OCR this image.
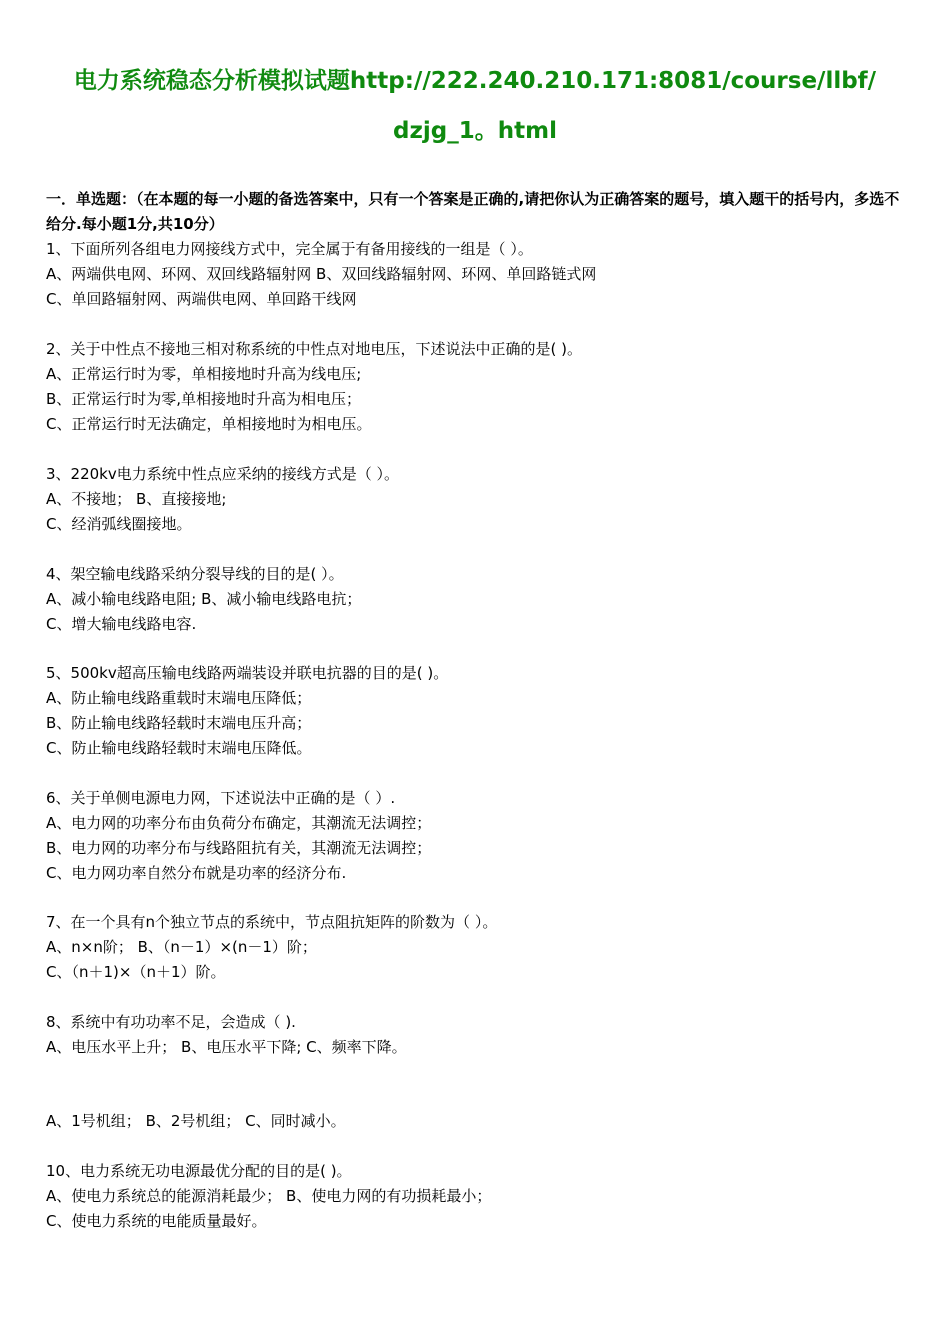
电力系统稳态分析模拟试题http://222.240.210.171:8081/course/llbf/
dzjg_1。html
一．单选题：（在本题的每一小题的备选答案中，只有一个答案是正确的,请把你认为正确答案的题号，填入题干的括号内，多选不给分.每小题1分,共10分）
1、下面所列各组电力网接线方式中，完全属于有备用接线的一组是（ ）。
A、两端供电网、环网、双回线路辐射网 B、双回线路辐射网、环网、单回路链式网
C、单回路辐射网、两端供电网、单回路干线网
2、关于中性点不接地三相对称系统的中性点对地电压，下述说法中正确的是( )。
A、正常运行时为零，单相接地时升高为线电压;
B、正常运行时为零,单相接地时升高为相电压；
C、正常运行时无法确定，单相接地时为相电压。
3、220kv电力系统中性点应采纳的接线方式是（ ）。
A、不接地； B、直接接地;
C、经消弧线圈接地。
4、架空输电线路采纳分裂导线的目的是( ）。
A、减小输电线路电阻; B、减小输电线路电抗；
C、增大输电线路电容.
5、500kv超高压输电线路两端装设并联电抗器的目的是( )。
A、防止输电线路重载时末端电压降低；
B、防止输电线路轻载时末端电压升高；
C、防止输电线路轻载时末端电压降低。
6、关于单侧电源电力网，下述说法中正确的是（ ）.
A、电力网的功率分布由负荷分布确定，其潮流无法调控；
B、电力网的功率分布与线路阻抗有关，其潮流无法调控；
C、电力网功率自然分布就是功率的经济分布.
7、在一个具有n个独立节点的系统中，节点阻抗矩阵的阶数为（ ）。
A、n×n阶； B、（n－1）×(n－1）阶；
C、（n＋1)×（n＋1）阶。
8、系统中有功功率不足，会造成（ ).
A、电压水平上升； B、电压水平下降; C、频率下降。
A、1号机组； B、2号机组； C、同时减小。
10、电力系统无功电源最优分配的目的是( )。
A、使电力系统总的能源消耗最少； B、使电力网的有功损耗最小；
C、使电力系统的电能质量最好。
